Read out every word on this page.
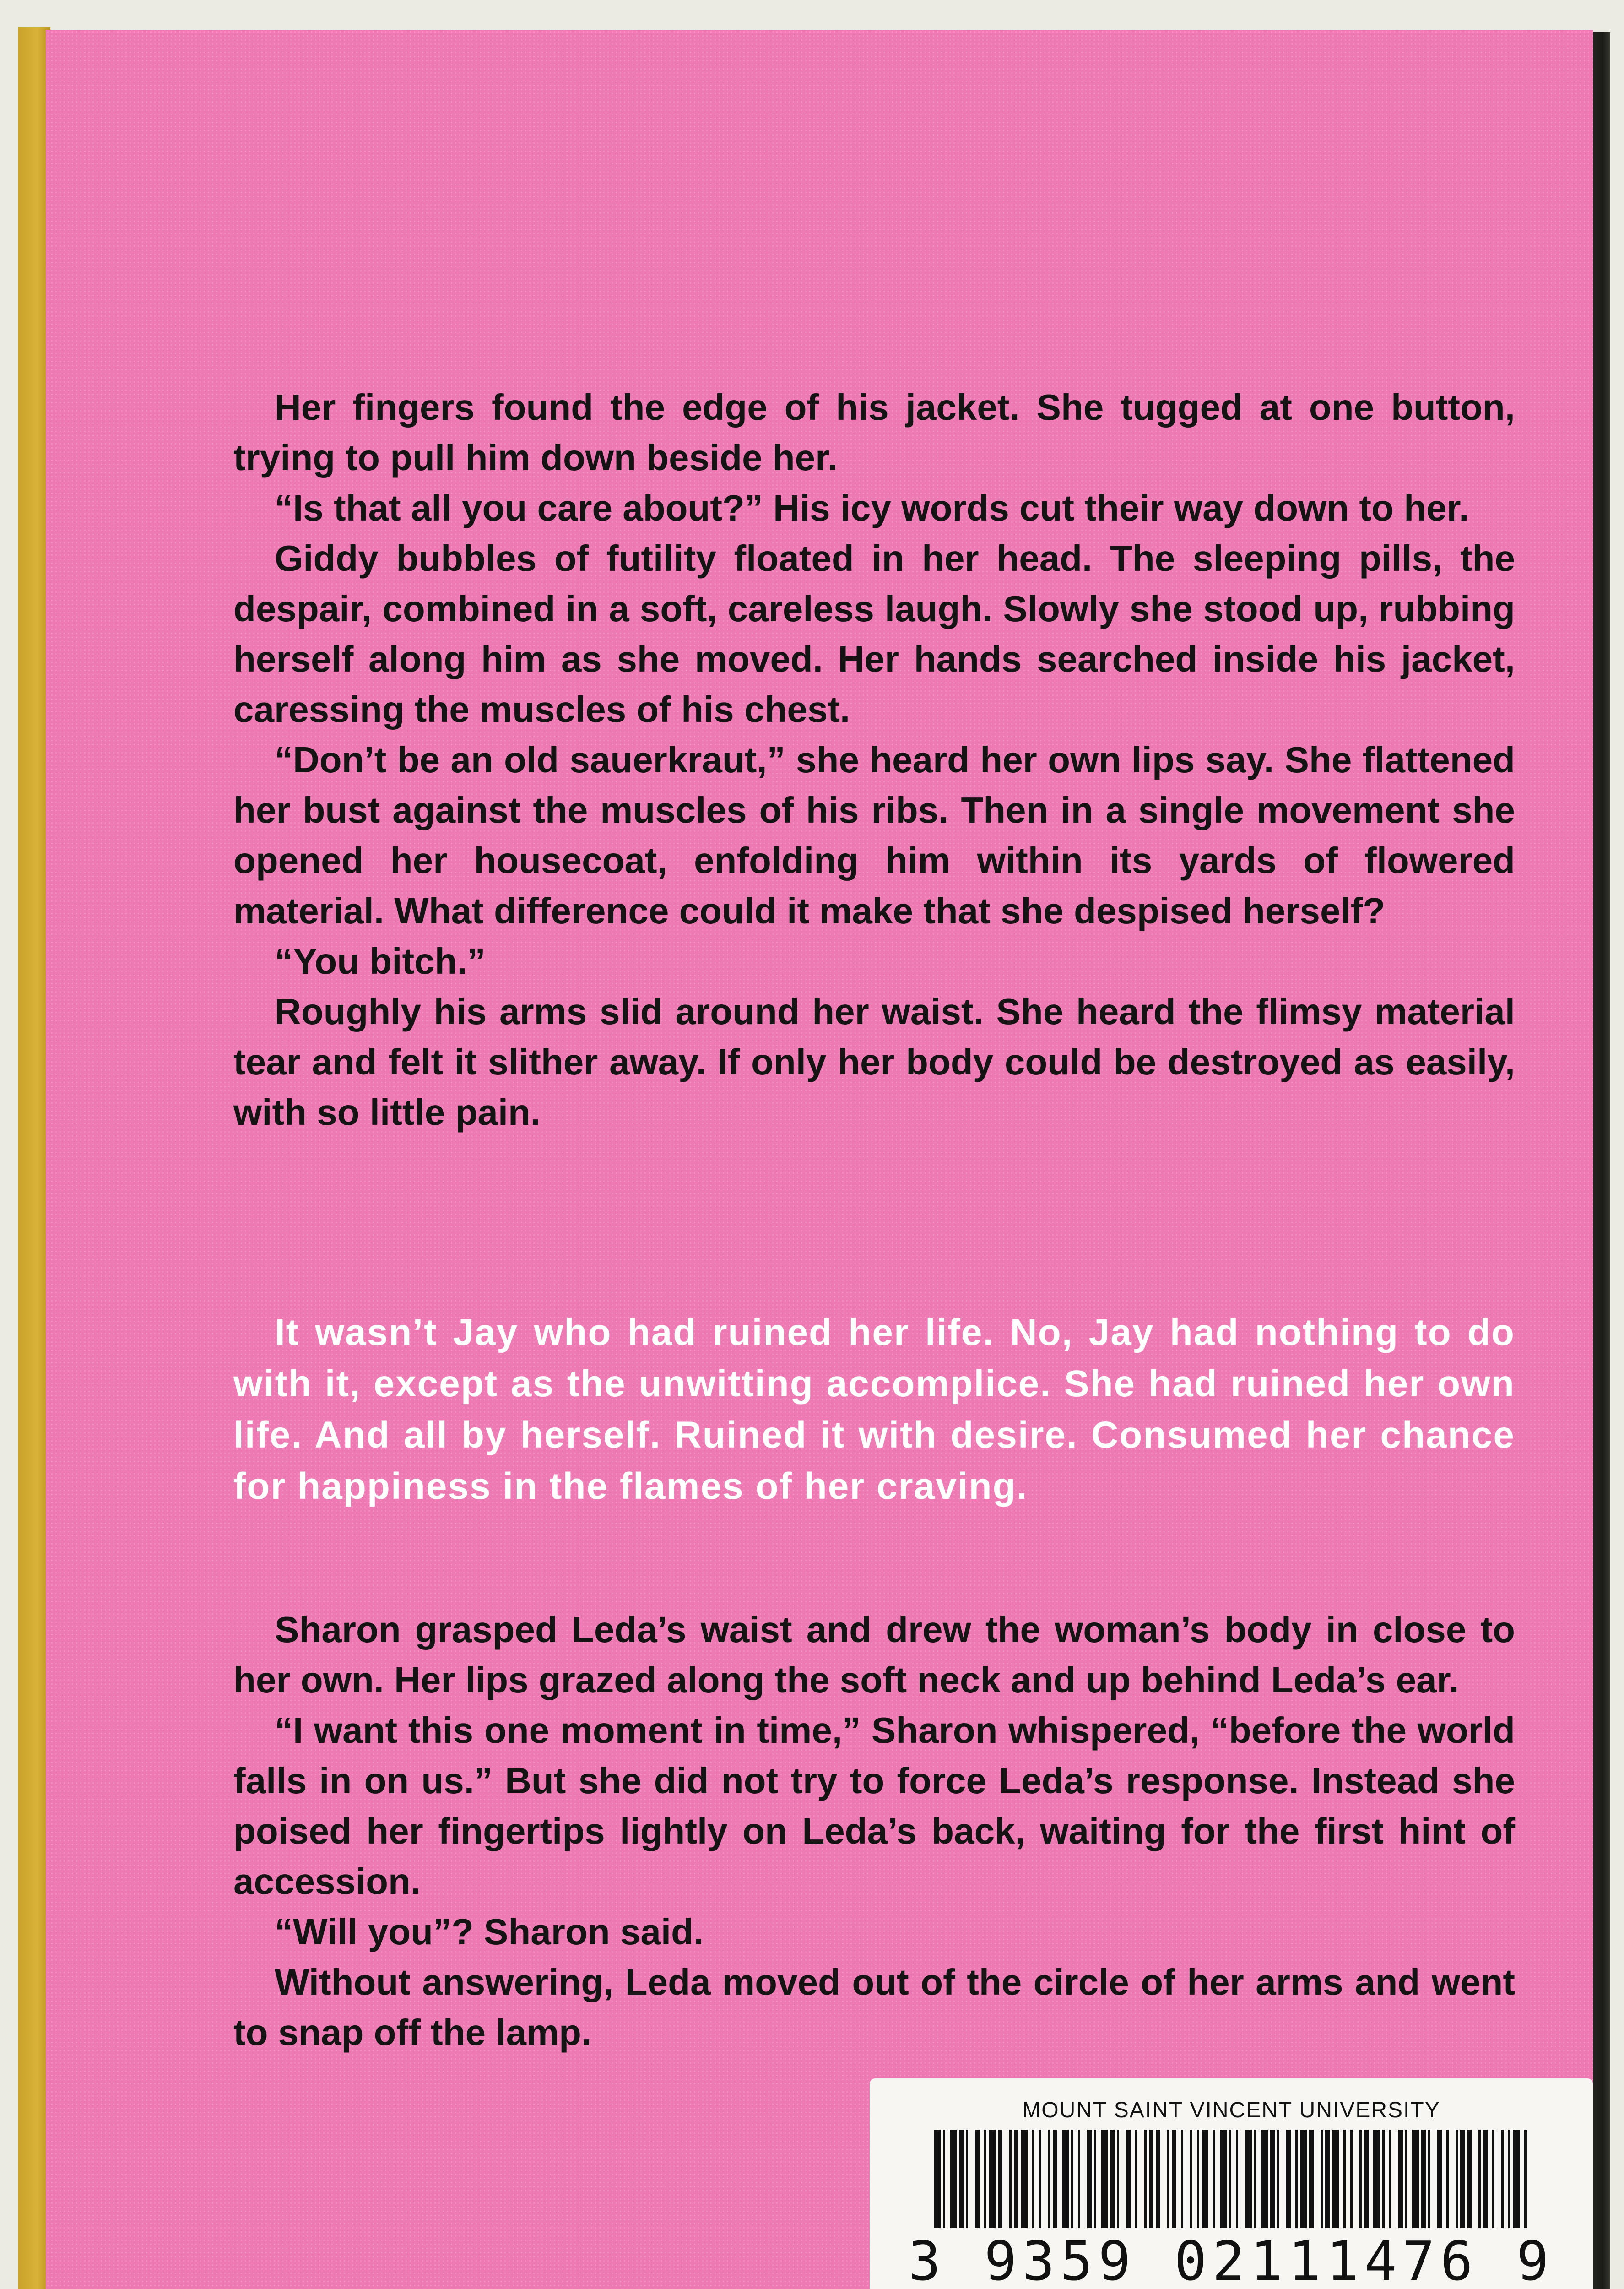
Her fingers found the edge of his jacket. She tugged at one button, trying to pull him down beside her.

“Is that all you care about?” His icy words cut their way down to her.

Giddy bubbles of futility floated in her head. The sleeping pills, the despair, combined in a soft, careless laugh. Slowly she stood up, rubbing herself along him as she moved. Her hands searched inside his jacket, caressing the muscles of his chest.

“Don’t be an old sauerkraut,” she heard her own lips say. She flattened her bust against the muscles of his ribs. Then in a single movement she opened her housecoat, enfolding him within its yards of flowered material. What difference could it make that she despised herself?

“You bitch.”

Roughly his arms slid around her waist. She heard the flimsy material tear and felt it slither away. If only her body could be destroyed as easily, with so little pain.

It wasn’t Jay who had ruined her life. No, Jay had nothing to do with it, except as the unwitting accomplice. She had ruined her own life. And all by herself. Ruined it with desire. Consumed her chance for happiness in the flames of her craving.

Sharon grasped Leda’s waist and drew the woman’s body in close to her own. Her lips grazed along the soft neck and up behind Leda’s ear.

“I want this one moment in time,” Sharon whispered, “before the world falls in on us.” But she did not try to force Leda’s response. Instead she poised her fingertips lightly on Leda’s back, waiting for the first hint of accession.

“Will you”? Sharon said.

Without answering, Leda moved out of the circle of her arms and went to snap off the lamp.

MOUNT SAINT VINCENT UNIVERSITY
3 9359 02111476 9
